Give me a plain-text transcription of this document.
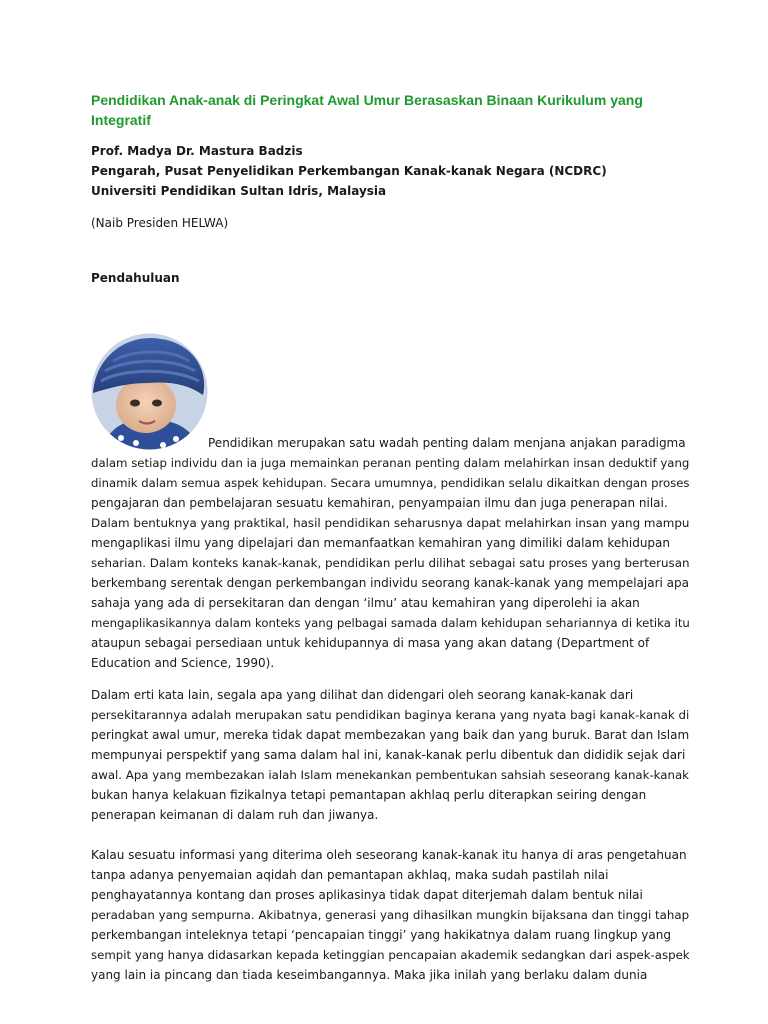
Pendidikan Anak-anak di Peringkat Awal Umur Berasaskan Binaan Kurikulum yang Integratif
Prof. Madya Dr. Mastura Badzis
Pengarah, Pusat Penyelidikan Perkembangan Kanak-kanak Negara (NCDRC)
Universiti Pendidikan Sultan Idris, Malaysia
(Naib Presiden HELWA)
Pendahuluan
Pendidikan merupakan satu wadah penting dalam menjana anjakan paradigma
dalam setiap individu dan ia juga memainkan peranan penting dalam melahirkan insan deduktif yang
dinamik dalam semua aspek kehidupan. Secara umumnya, pendidikan selalu dikaitkan dengan proses
pengajaran dan pembelajaran sesuatu kemahiran, penyampaian ilmu dan juga penerapan nilai.
Dalam bentuknya yang praktikal, hasil pendidikan seharusnya dapat melahirkan insan yang mampu
mengaplikasi ilmu yang dipelajari dan memanfaatkan kemahiran yang dimiliki dalam kehidupan
seharian. Dalam konteks kanak-kanak, pendidikan perlu dilihat sebagai satu proses yang berterusan
berkembang serentak dengan perkembangan individu seorang kanak-kanak yang mempelajari apa
sahaja yang ada di persekitaran dan dengan ‘ilmu’ atau kemahiran yang diperolehi ia akan
mengaplikasikannya dalam konteks yang pelbagai samada dalam kehidupan sehariannya di ketika itu
ataupun sebagai persediaan untuk kehidupannya di masa yang akan datang (Department of
Education and Science, 1990).
Dalam erti kata lain, segala apa yang dilihat dan didengari oleh seorang kanak-kanak dari
persekitarannya adalah merupakan satu pendidikan baginya kerana yang nyata bagi kanak-kanak di
peringkat awal umur, mereka tidak dapat membezakan yang baik dan yang buruk. Barat dan Islam
mempunyai perspektif yang sama dalam hal ini, kanak-kanak perlu dibentuk dan dididik sejak dari
awal. Apa yang membezakan ialah Islam menekankan pembentukan sahsiah seseorang kanak-kanak
bukan hanya kelakuan fizikalnya tetapi pemantapan akhlaq perlu diterapkan seiring dengan
penerapan keimanan di dalam ruh dan jiwanya.
Kalau sesuatu informasi yang diterima oleh seseorang kanak-kanak itu hanya di aras pengetahuan
tanpa adanya penyemaian aqidah dan pemantapan akhlaq, maka sudah pastilah nilai
penghayatannya kontang dan proses aplikasinya tidak dapat diterjemah dalam bentuk nilai
peradaban yang sempurna. Akibatnya, generasi yang dihasilkan mungkin bijaksana dan tinggi tahap
perkembangan inteleknya tetapi ‘pencapaian tinggi’ yang hakikatnya dalam ruang lingkup yang
sempit yang hanya didasarkan kepada ketinggian pencapaian akademik sedangkan dari aspek-aspek
yang lain ia pincang dan tiada keseimbangannya. Maka jika inilah yang berlaku dalam dunia
